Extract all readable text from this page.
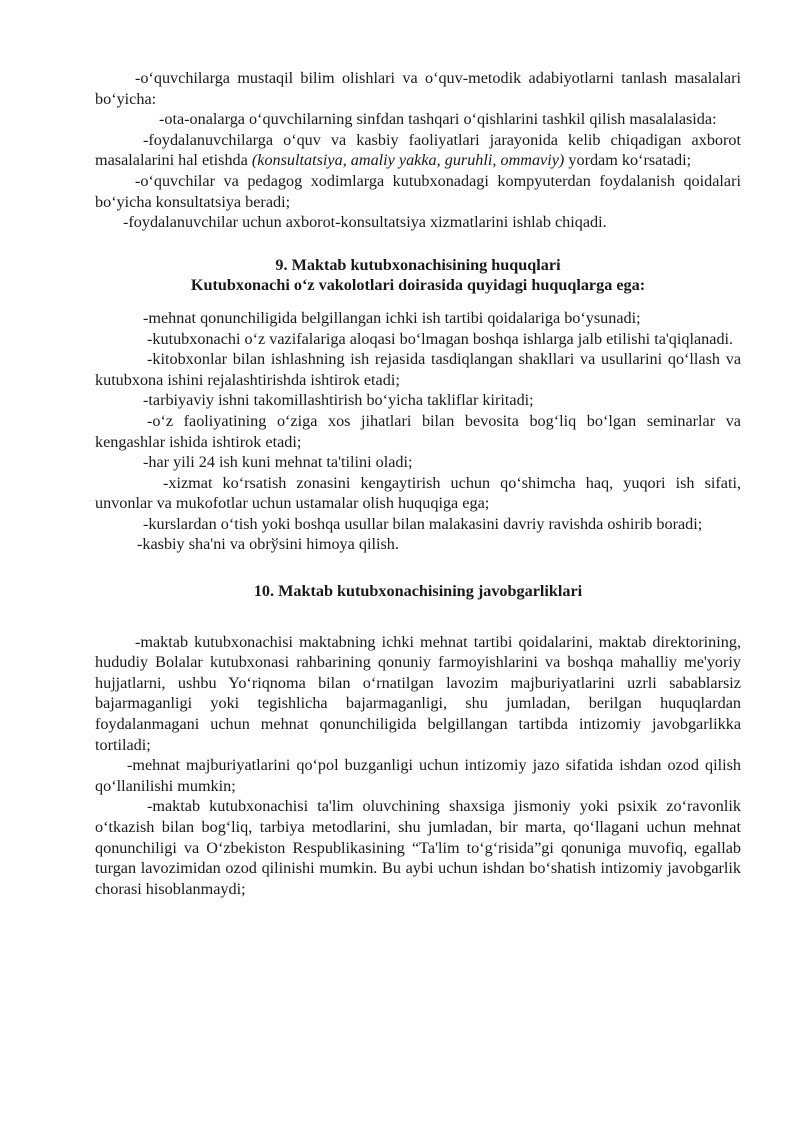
-o‘quvchilarga mustaqil bilim olishlari va o‘quv-metodik adabiyotlarni tanlash masalalari bo‘yicha:

-ota-onalarga o‘quvchilarning sinfdan tashqari o‘qishlarini tashkil qilish masalalasida:

-foydalanuvchilarga o‘quv va kasbiy faoliyatlari jarayonida kelib chiqadigan axborot masalalarini hal etishda (konsultatsiya, amaliy yakka, guruhli, ommaviy) yordam ko‘rsatadi;

-o‘quvchilar va pedagog xodimlarga kutubxonadagi kompyuterdan foydalanish qoidalari bo‘yicha konsultatsiya beradi;

-foydalanuvchilar uchun axborot-konsultatsiya xizmatlarini ishlab chiqadi.

9. Maktab kutubxonachisining huquqlari

Kutubxonachi o‘z vakolotlari doirasida quyidagi huquqlarga ega:

-mehnat qonunchiligida belgillangan ichki ish tartibi qoidalariga bo‘ysunadi;

-kutubxonachi o‘z vazifalariga aloqasi bo‘lmagan boshqa ishlarga jalb etilishi ta'qiqlanadi.

-kitobxonlar bilan ishlashning ish rejasida tasdiqlangan shakllari va usullarini qo‘llash va kutubxona ishini rejalashtirishda ishtirok etadi;

-tarbiyaviy ishni takomillashtirish bo‘yicha takliflar kiritadi;

-o‘z faoliyatining o‘ziga xos jihatlari bilan bevosita bog‘liq bo‘lgan seminarlar va kengashlar ishida ishtirok etadi;

-har yili 24 ish kuni mehnat ta'tilini oladi;

-xizmat ko‘rsatish zonasini kengaytirish uchun qo‘shimcha haq, yuqori ish sifati, unvonlar va mukofotlar uchun ustamalar olish huquqiga ega;

-kurslardan o‘tish yoki boshqa usullar bilan malakasini davriy ravishda oshirib boradi;

-kasbiy sha'ni va obrўsini himoya qilish.

10. Maktab kutubxonachisining javobgarliklari

-maktab kutubxonachisi maktabning ichki mehnat tartibi qoidalarini, maktab direktorining, hududiy Bolalar kutubxonasi rahbarining qonuniy farmoyishlarini va boshqa mahalliy me'yoriy hujjatlarni, ushbu Yo‘riqnoma bilan o‘rnatilgan lavozim majburiyatlarini uzrli sabablarsiz bajarmaganligi yoki tegishlicha bajarmaganligi, shu jumladan, berilgan huquqlardan foydalanmagani uchun mehnat qonunchiligida belgillangan tartibda intizomiy javobgarlikka tortiladi;

-mehnat majburiyatlarini qo‘pol buzganligi uchun intizomiy jazo sifatida ishdan ozod qilish qo‘llanilishi mumkin;

-maktab kutubxonachisi ta'lim oluvchining shaxsiga jismoniy yoki psixik zo‘ravonlik o‘tkazish bilan bog‘liq, tarbiya metodlarini, shu jumladan, bir marta, qo‘llagani uchun mehnat qonunchiligi va O‘zbekiston Respublikasining “Ta'lim to‘g‘risida”gi qonuniga muvofiq, egallab turgan lavozimidan ozod qilinishi mumkin. Bu aybi uchun ishdan bo‘shatish intizomiy javobgarlik chorasi hisoblanmaydi;
